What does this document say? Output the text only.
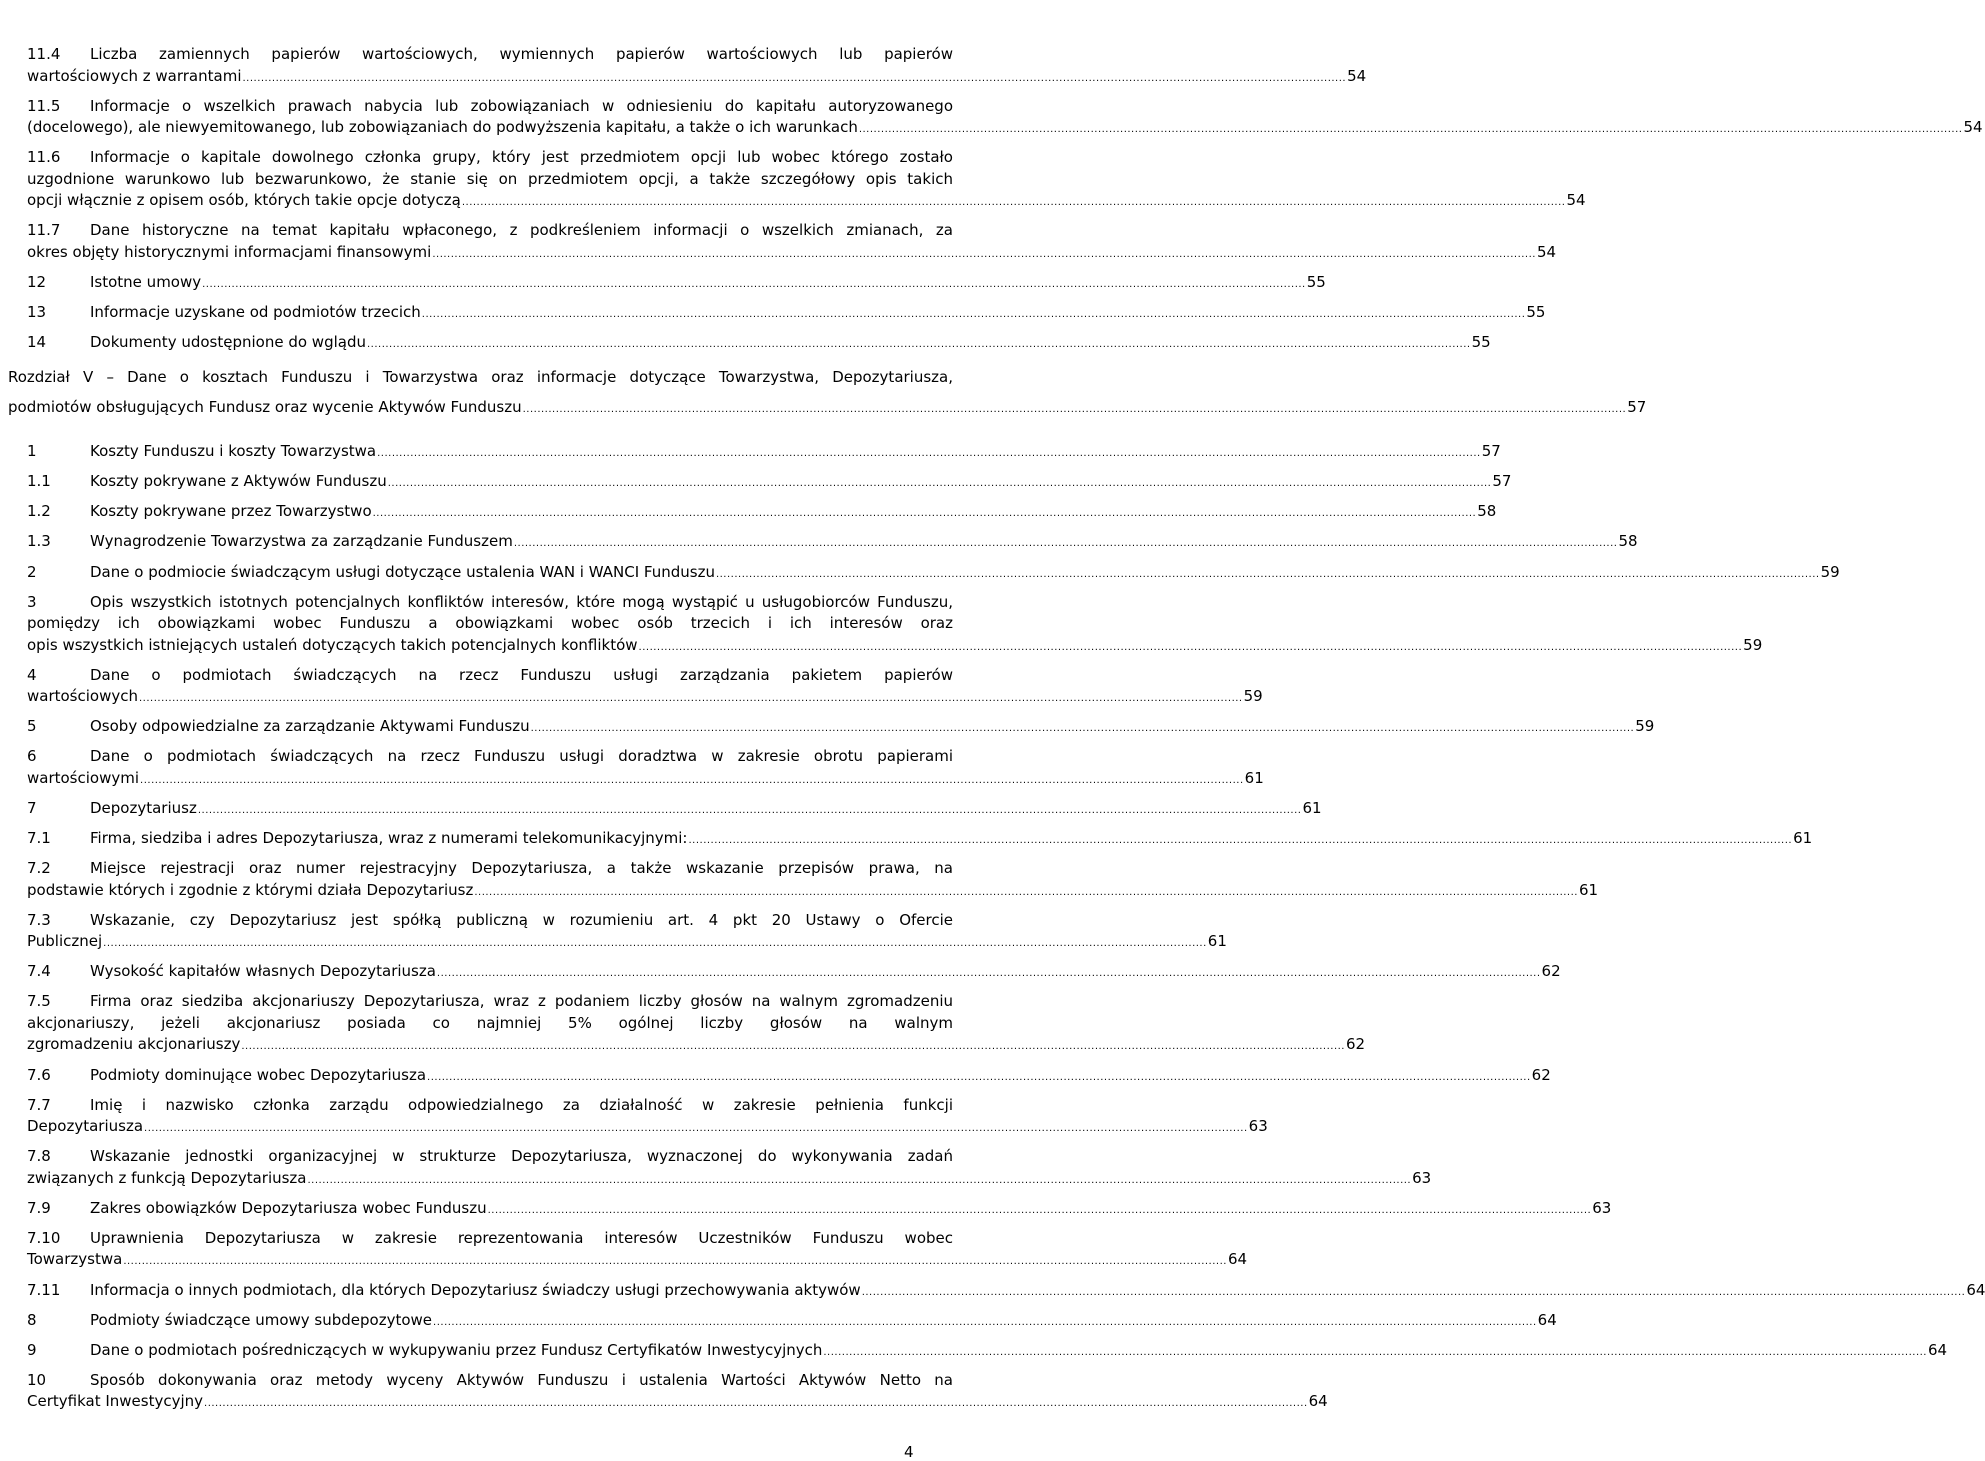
11.4 Liczba zamiennych papierów wartościowych, wymiennych papierów wartościowych lub papierów
wartościowych z warrantami ............................................................................................................................................................................................................................................................................................................ 54
11.5 Informacje o wszelkich prawach nabycia lub zobowiązaniach w odniesieniu do kapitału autoryzowanego
(docelowego), ale niewyemitowanego, lub zobowiązaniach do podwyższenia kapitału, a także o ich warunkach ............................................................................................................................................................................................................................................................................................................ 54
11.6 Informacje o kapitale dowolnego członka grupy, który jest przedmiotem opcji lub wobec którego zostało uzgodnione warunkowo lub bezwarunkowo, że stanie się on przedmiotem opcji, a także szczegółowy opis takich
opcji włącznie z opisem osób, których takie opcje dotyczą ............................................................................................................................................................................................................................................................................................................ 54
11.7 Dane historyczne na temat kapitału wpłaconego, z podkreśleniem informacji o wszelkich zmianach, za
okres objęty historycznymi informacjami finansowymi ............................................................................................................................................................................................................................................................................................................ 54
12	Istotne umowy ............................................................................................................................................................................................................................................................................................................ 55
13	Informacje uzyskane od podmiotów trzecich ............................................................................................................................................................................................................................................................................................................ 55
14	Dokumenty udostępnione do wglądu ............................................................................................................................................................................................................................................................................................................ 55
Rozdział V – Dane o kosztach Funduszu i Towarzystwa oraz informacje dotyczące Towarzystwa, Depozytariusza,
podmiotów obsługujących Fundusz oraz wycenie Aktywów Funduszu ............................................................................................................................................................................................................................................................................................................ 57
1	Koszty Funduszu i koszty Towarzystwa ............................................................................................................................................................................................................................................................................................................ 57
1.1	Koszty pokrywane z Aktywów Funduszu ............................................................................................................................................................................................................................................................................................................ 57
1.2	Koszty pokrywane przez Towarzystwo ............................................................................................................................................................................................................................................................................................................ 58
1.3	Wynagrodzenie Towarzystwa za zarządzanie Funduszem ............................................................................................................................................................................................................................................................................................................ 58
2	Dane o podmiocie świadczącym usługi dotyczące ustalenia WAN i WANCI Funduszu ............................................................................................................................................................................................................................................................................................................ 59
3	Opis wszystkich istotnych potencjalnych konfliktów interesów, które mogą wystąpić u usługobiorców Funduszu, pomiędzy ich obowiązkami wobec Funduszu a obowiązkami wobec osób trzecich i ich interesów oraz
opis wszystkich istniejących ustaleń dotyczących takich potencjalnych konfliktów ............................................................................................................................................................................................................................................................................................................ 59
4	Dane o podmiotach świadczących na rzecz Funduszu usługi zarządzania pakietem papierów
wartościowych ............................................................................................................................................................................................................................................................................................................ 59
5	Osoby odpowiedzialne za zarządzanie Aktywami Funduszu ............................................................................................................................................................................................................................................................................................................ 59
6	Dane o podmiotach świadczących na rzecz Funduszu usługi doradztwa w zakresie obrotu papierami
wartościowymi ............................................................................................................................................................................................................................................................................................................ 61
7	Depozytariusz ............................................................................................................................................................................................................................................................................................................ 61
7.1	Firma, siedziba i adres Depozytariusza, wraz z numerami telekomunikacyjnymi: ............................................................................................................................................................................................................................................................................................................ 61
7.2	Miejsce rejestracji oraz numer rejestracyjny Depozytariusza, a także wskazanie przepisów prawa, na
podstawie których i zgodnie z którymi działa Depozytariusz ............................................................................................................................................................................................................................................................................................................ 61
7.3	Wskazanie, czy Depozytariusz jest spółką publiczną w rozumieniu art. 4 pkt 20 Ustawy o Ofercie
Publicznej ............................................................................................................................................................................................................................................................................................................ 61
7.4	Wysokość kapitałów własnych Depozytariusza ............................................................................................................................................................................................................................................................................................................ 62
7.5	Firma oraz siedziba akcjonariuszy Depozytariusza, wraz z podaniem liczby głosów na walnym zgromadzeniu akcjonariuszy, jeżeli akcjonariusz posiada co najmniej 5% ogólnej liczby głosów na walnym
zgromadzeniu akcjonariuszy ............................................................................................................................................................................................................................................................................................................ 62
7.6	Podmioty dominujące wobec Depozytariusza ............................................................................................................................................................................................................................................................................................................ 62
7.7	Imię i nazwisko członka zarządu odpowiedzialnego za działalność w zakresie pełnienia funkcji
Depozytariusza ............................................................................................................................................................................................................................................................................................................ 63
7.8	Wskazanie jednostki organizacyjnej w strukturze Depozytariusza, wyznaczonej do wykonywania zadań
związanych z funkcją Depozytariusza ............................................................................................................................................................................................................................................................................................................ 63
7.9	Zakres obowiązków Depozytariusza wobec Funduszu ............................................................................................................................................................................................................................................................................................................ 63
7.10 Uprawnienia Depozytariusza w zakresie reprezentowania interesów Uczestników Funduszu wobec
Towarzystwa ............................................................................................................................................................................................................................................................................................................ 64
7.11	Informacja o innych podmiotach, dla których Depozytariusz świadczy usługi przechowywania aktywów ............................................................................................................................................................................................................................................................................................................ 64
8	Podmioty świadczące umowy subdepozytowe ............................................................................................................................................................................................................................................................................................................ 64
9	Dane o podmiotach pośredniczących w wykupywaniu przez Fundusz Certyfikatów Inwestycyjnych ............................................................................................................................................................................................................................................................................................................ 64
10	Sposób dokonywania oraz metody wyceny Aktywów Funduszu i ustalenia Wartości Aktywów Netto na
Certyfikat Inwestycyjny ............................................................................................................................................................................................................................................................................................................ 64
4
